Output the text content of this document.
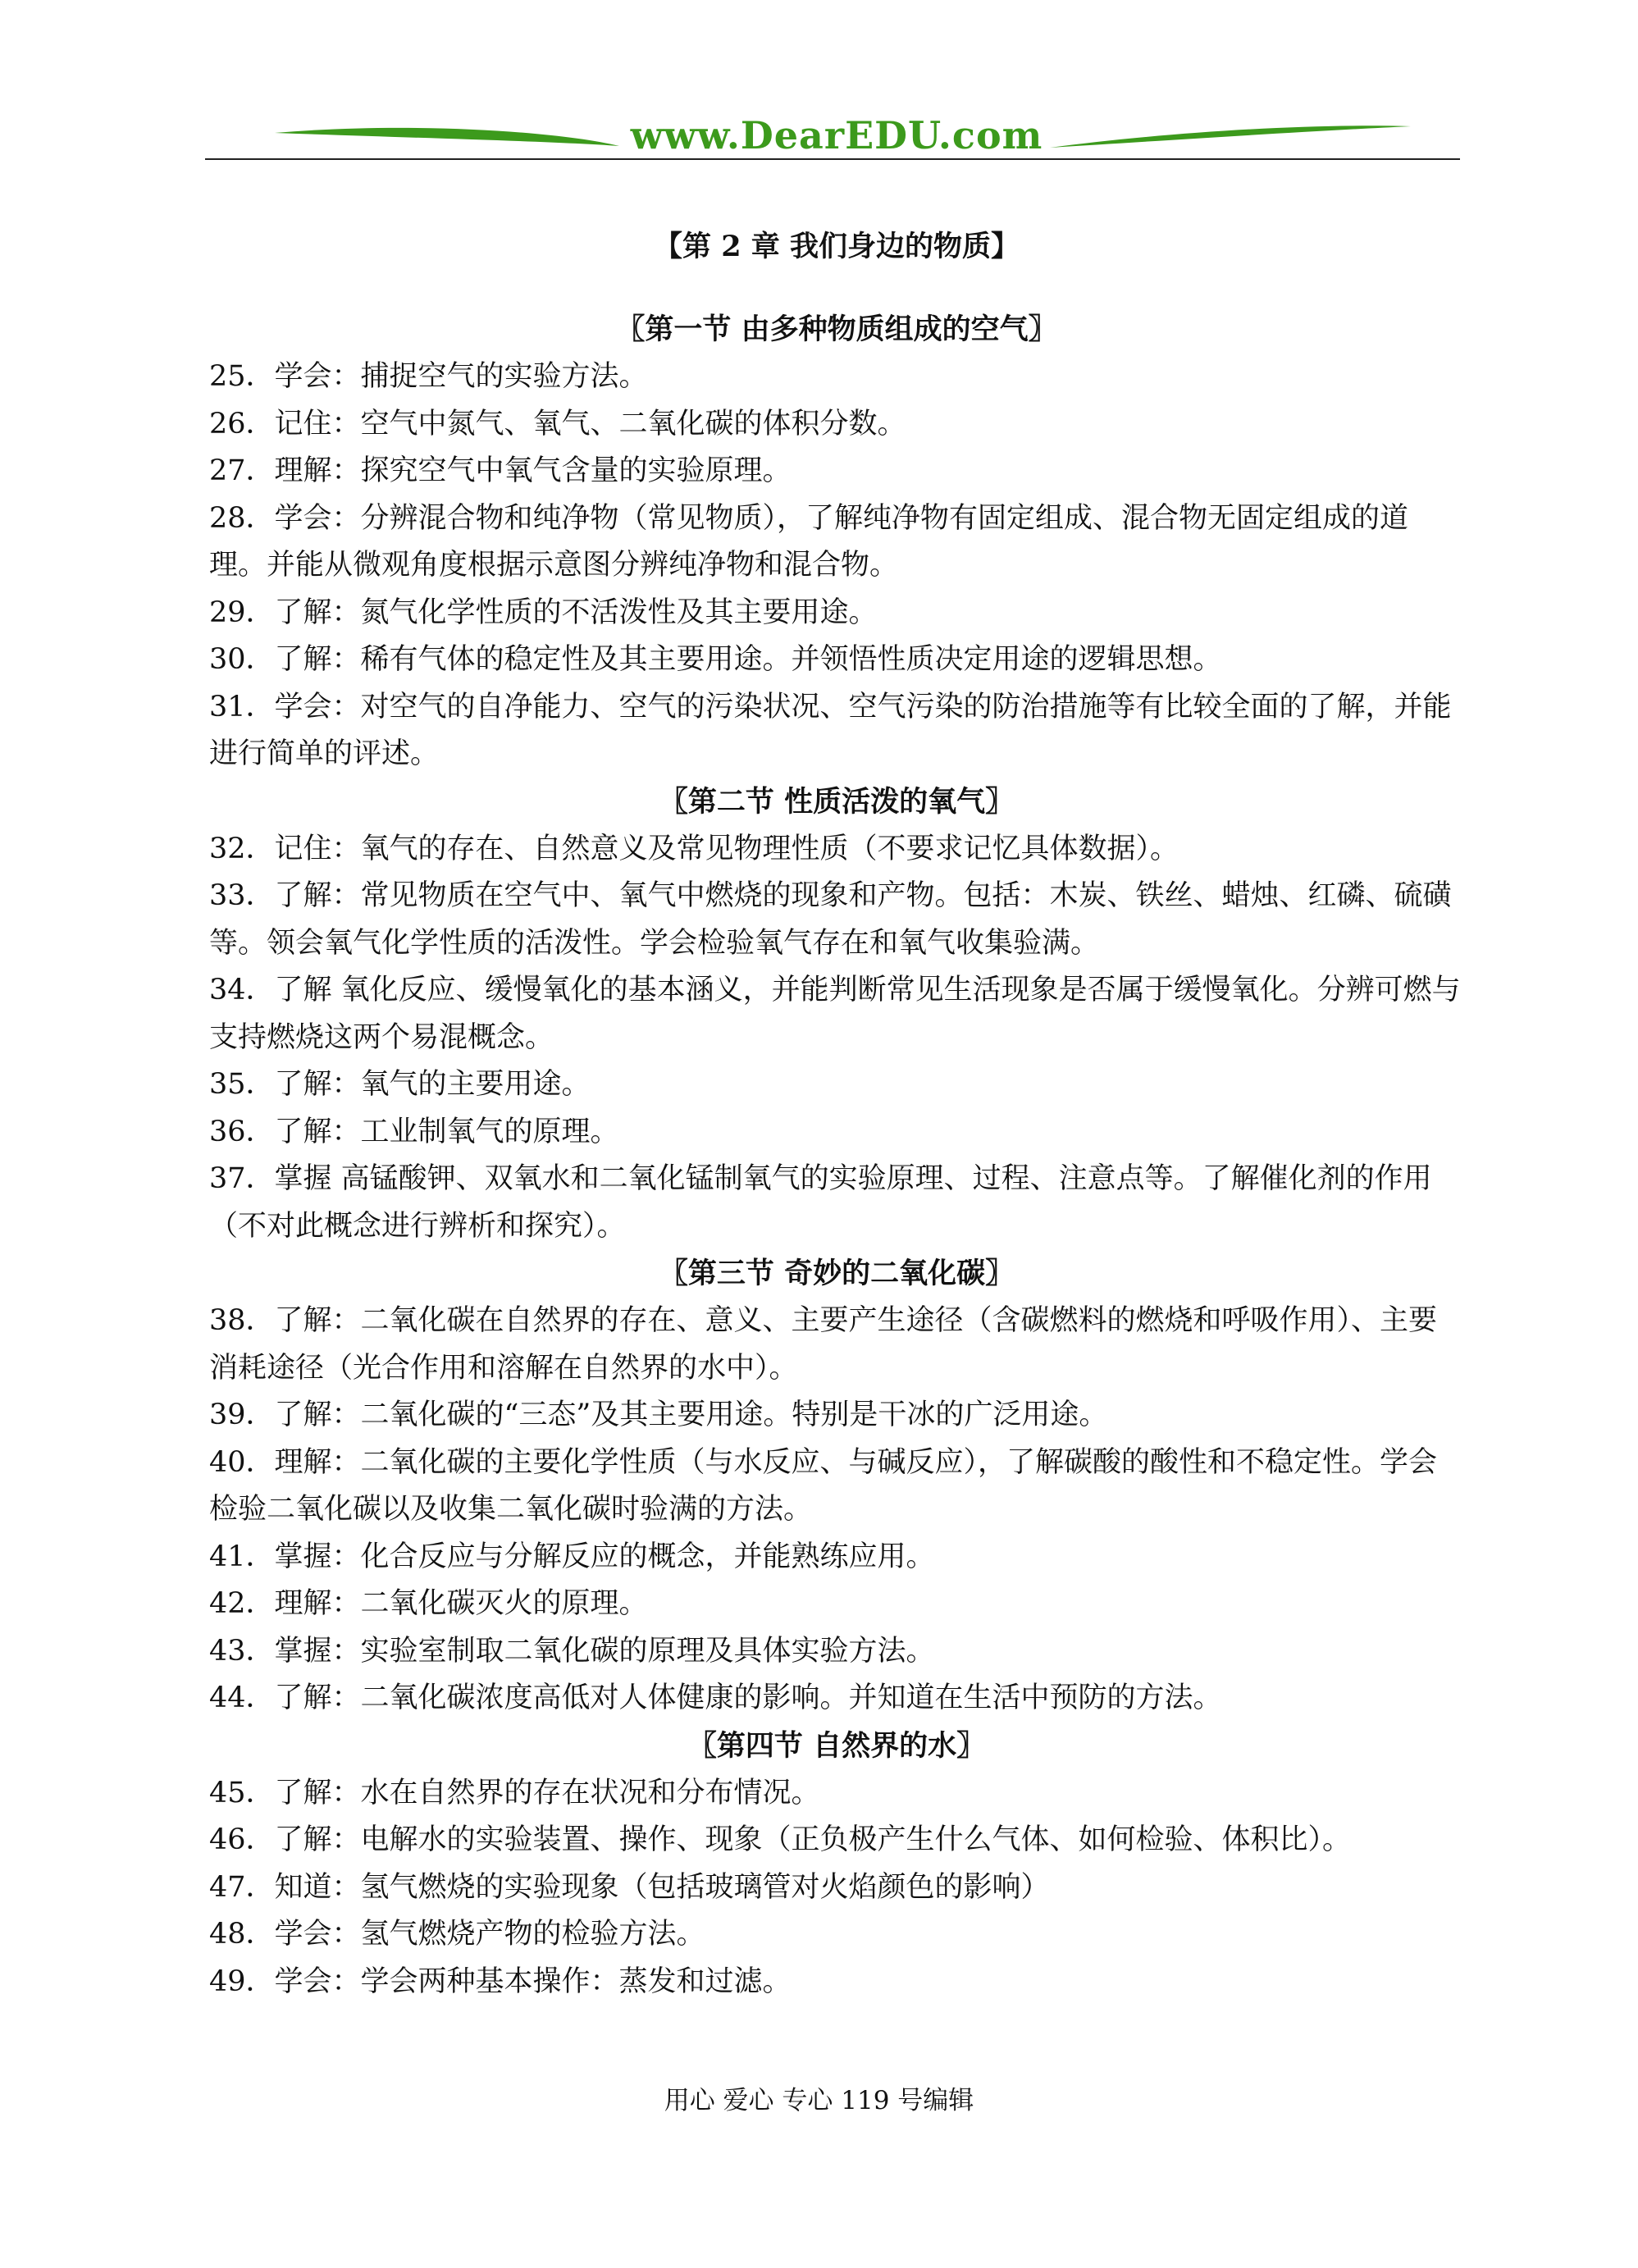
www.DearEDU.com
【第 2 章 我们身边的物质】
〖第一节 由多种物质组成的空气〗

25．学会：捕捉空气的实验方法。

26．记住：空气中氮气、氧气、二氧化碳的体积分数。

27．理解：探究空气中氧气含量的实验原理。

28．学会：分辨混合物和纯净物（常见物质），了解纯净物有固定组成、混合物无固定组成的道理。并能从微观角度根据示意图分辨纯净物和混合物。

29．了解：氮气化学性质的不活泼性及其主要用途。

30．了解：稀有气体的稳定性及其主要用途。并领悟性质决定用途的逻辑思想。

31．学会：对空气的自净能力、空气的污染状况、空气污染的防治措施等有比较全面的了解，并能进行简单的评述。

〖第二节 性质活泼的氧气〗

32．记住：氧气的存在、自然意义及常见物理性质（不要求记忆具体数据）。

33．了解：常见物质在空气中、氧气中燃烧的现象和产物。包括：木炭、铁丝、蜡烛、红磷、硫磺等。领会氧气化学性质的活泼性。学会检验氧气存在和氧气收集验满。

34．了解 氧化反应、缓慢氧化的基本涵义，并能判断常见生活现象是否属于缓慢氧化。分辨可燃与支持燃烧这两个易混概念。

35．了解：氧气的主要用途。

36．了解：工业制氧气的原理。

37．掌握 高锰酸钾、双氧水和二氧化锰制氧气的实验原理、过程、注意点等。了解催化剂的作用（不对此概念进行辨析和探究）。

〖第三节 奇妙的二氧化碳〗

38．了解：二氧化碳在自然界的存在、意义、主要产生途径（含碳燃料的燃烧和呼吸作用）、主要消耗途径（光合作用和溶解在自然界的水中）。

39．了解：二氧化碳的“三态”及其主要用途。特别是干冰的广泛用途。

40．理解：二氧化碳的主要化学性质（与水反应、与碱反应），了解碳酸的酸性和不稳定性。学会检验二氧化碳以及收集二氧化碳时验满的方法。

41．掌握：化合反应与分解反应的概念，并能熟练应用。

42．理解：二氧化碳灭火的原理。

43．掌握：实验室制取二氧化碳的原理及具体实验方法。

44．了解：二氧化碳浓度高低对人体健康的影响。并知道在生活中预防的方法。

〖第四节 自然界的水〗

45．了解：水在自然界的存在状况和分布情况。

46．了解：电解水的实验装置、操作、现象（正负极产生什么气体、如何检验、体积比）。

47．知道：氢气燃烧的实验现象（包括玻璃管对火焰颜色的影响）

48．学会：氢气燃烧产物的检验方法。

49．学会：学会两种基本操作：蒸发和过滤。

用心 爱心 专心 119 号编辑
